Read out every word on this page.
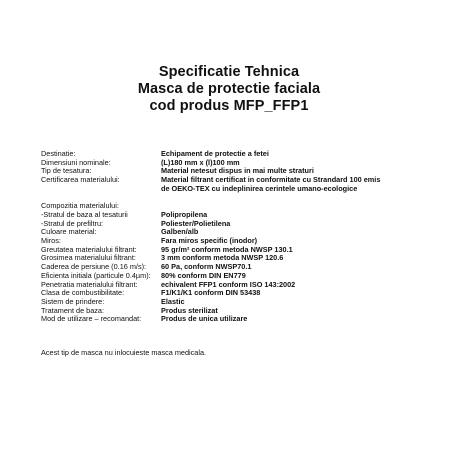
Specificatie Tehnica
Masca de protectie faciala
cod produs MFP_FFP1
Destinatie:	Echipament de protectie a fetei
Dimensiuni nominale:	(L)180 mm x (l)100 mm
Tip de tesatura:	Material netesut dispus in mai multe straturi
Certificarea materialului:	Material filtrant certificat in conformitate cu Strandard 100 emis
	de OEKO-TEX cu indeplinirea cerintele umano-ecologice

Compozitia materialului:	
-Stratul de baza al tesaturii	Polipropilena
-Stratul de prefiltru:	Poliester/Polietilena
Culoare material:	Galben/alb
Miros:	Fara miros specific (inodor)
Greutatea materialului filtrant:	95 gr/m² conform metoda NWSP 130.1
Grosimea materialului filtrant:	3 mm conform metoda NWSP 120.6
Caderea de persiune (0.16 m/s):	60 Pa, conform NWSP70.1
Eficienta initiala (particule 0.4µm):	80% conform DIN EN779
Penetratia materialului filtrant:	echivalent FFP1 conform ISO 143:2002
Clasa de combustibilitate:	F1/K1/K1 conform DIN 53438
Sistem de prindere:	Elastic
Tratament de baza:	Produs sterilizat
Mod de utilizare – recomandat:	Produs de unica utilizare
Acest tip de masca nu inlocuieste masca medicala.
